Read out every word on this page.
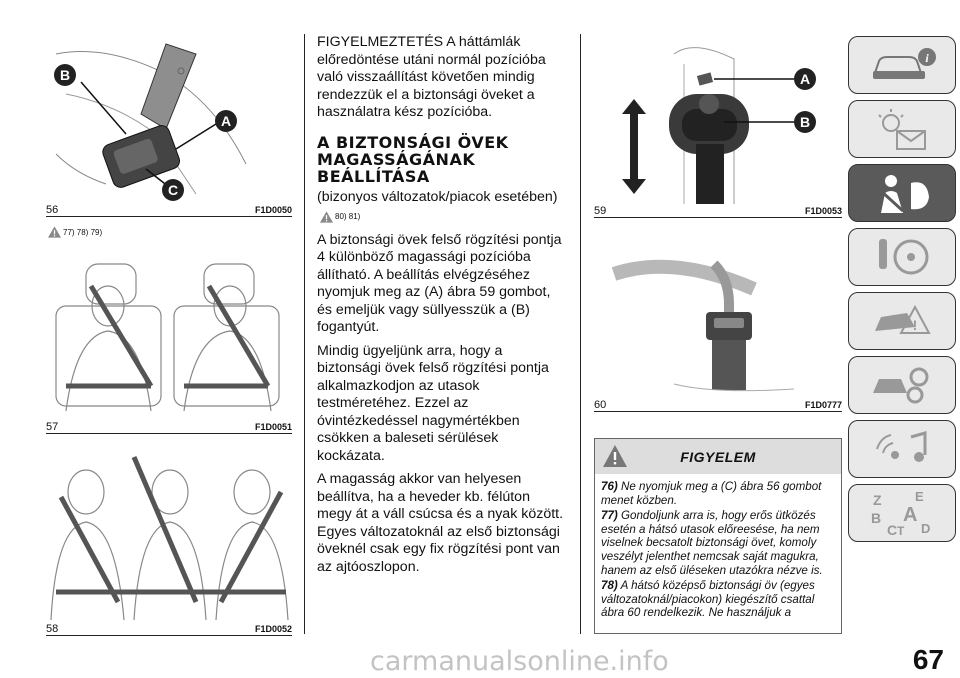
B
A
C
56	F1D0050
77) 78) 79)
57	F1D0051
58	F1D0052

FIGYELMEZTETÉS A háttámlák előredöntése utáni normál pozícióba való visszaállítást követően mindig rendezzük el a biztonsági öveket a használatra kész pozícióba.

A BIZTONSÁGI ÖVEK MAGASSÁGÁNAK BEÁLLÍTÁSA
(bizonyos változatok/piacok esetében)
80) 81)

A biztonsági övek felső rögzítési pontja 4 különböző magassági pozícióba állítható. A beállítás elvégzéséhez nyomjuk meg az (A) ábra 59 gombot, és emeljük vagy süllyesszük a (B) fogantyút.

Mindig ügyeljünk arra, hogy a biztonsági övek felső rögzítési pontja alkalmazkodjon az utasok testméretéhez. Ezzel az óvintézkedéssel nagymértékben csökken a baleseti sérülések kockázata.

A magasság akkor van helyesen beállítva, ha a heveder kb. félúton megy át a váll csúcsa és a nyak között. Egyes változatoknál az első biztonsági öveknél csak egy fix rögzítési pont van az ajtóoszlopon.

A
B
59	F1D0053
60	F1D0777
FIGYELEM

76) Ne nyomjuk meg a (C) ábra 56 gombot menet közben.

77) Gondoljunk arra is, hogy erős ütközés esetén a hátsó utasok előreesése, ha nem viselnek becsatolt biztonsági övet, komoly veszélyt jelenthet nemcsak saját magukra, hanem az első üléseken utazókra nézve is.

78) A hátsó középső biztonsági öv (egyes változatoknál/piacokon) kiegészítő csattal ábra 60 rendelkezik. Ne használjuk a

i
!
Z	E
B A
C T D
67
carmanualsonline.info
